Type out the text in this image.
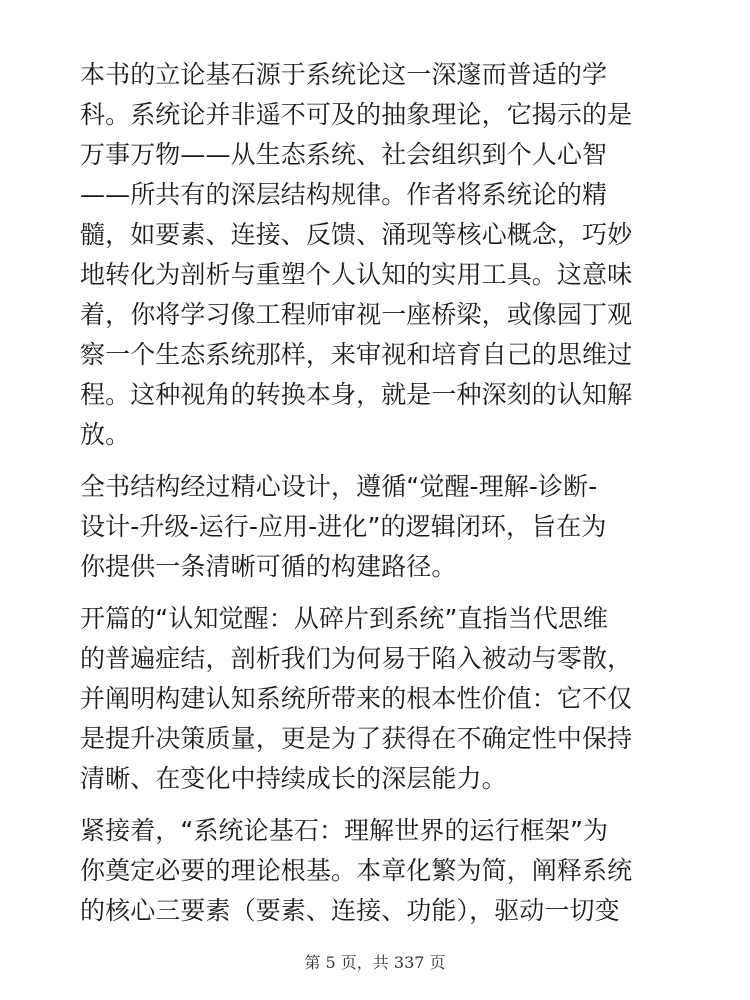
本书的立论基石源于系统论这一深邃而普适的学
科。系统论并非遥不可及的抽象理论，它揭示的是
万事万物——从生态系统、社会组织到个人心智
——所共有的深层结构规律。作者将系统论的精
髓，如要素、连接、反馈、涌现等核心概念，巧妙
地转化为剖析与重塑个人认知的实用工具。这意味
着，你将学习像工程师审视一座桥梁，或像园丁观
察一个生态系统那样，来审视和培育自己的思维过
程。这种视角的转换本身，就是一种深刻的认知解
放。

全书结构经过精心设计，遵循“觉醒-理解-诊断-
设计-升级-运行-应用-进化”的逻辑闭环，旨在为
你提供一条清晰可循的构建路径。

开篇的“认知觉醒：从碎片到系统”直指当代思维
的普遍症结，剖析我们为何易于陷入被动与零散，
并阐明构建认知系统所带来的根本性价值：它不仅
是提升决策质量，更是为了获得在不确定性中保持
清晰、在变化中持续成长的深层能力。

紧接着，“系统论基石：理解世界的运行框架”为
你奠定必要的理论根基。本章化繁为简，阐释系统
的核心三要素（要素、连接、功能），驱动一切变

第 5 页，共 337 页
